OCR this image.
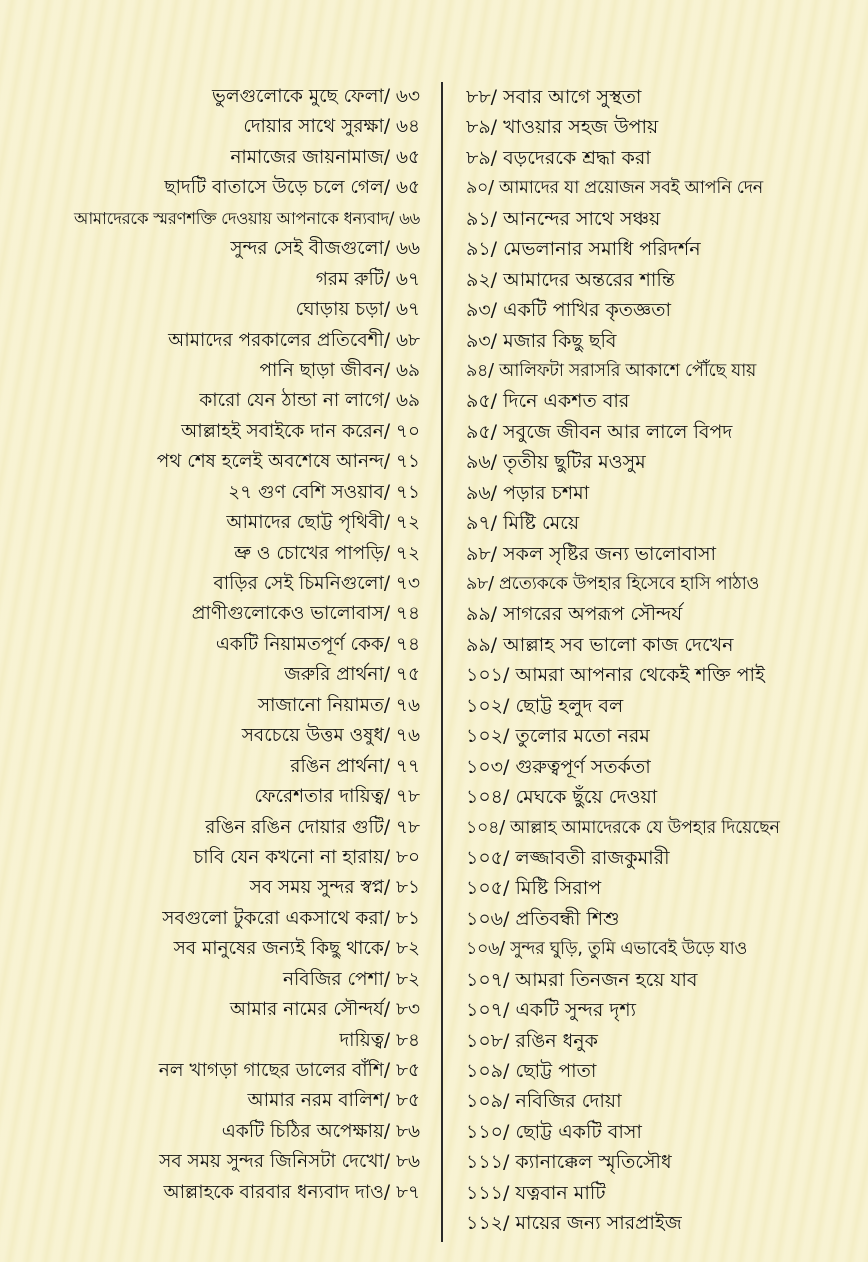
ভুলগুলোকে মুছে ফেলা/ ৬৩
দোয়ার সাথে সুরক্ষা/ ৬৪
নামাজের জায়নামাজ/ ৬৫
ছাদটি বাতাসে উড়ে চলে গেল/ ৬৫
আমাদেরকে স্মরণশক্তি দেওয়ায় আপনাকে ধন্যবাদ/ ৬৬
সুন্দর সেই বীজগুলো/ ৬৬
গরম রুটি/ ৬৭
ঘোড়ায় চড়া/ ৬৭
আমাদের পরকালের প্রতিবেশী/ ৬৮
পানি ছাড়া জীবন/ ৬৯
কারো যেন ঠান্ডা না লাগে/ ৬৯
আল্লাহই সবাইকে দান করেন/ ৭০
পথ শেষ হলেই অবশেষে আনন্দ/ ৭১
২৭ গুণ বেশি সওয়াব/ ৭১
আমাদের ছোট্ট পৃথিবী/ ৭২
ভ্রু ও চোখের পাপড়ি/ ৭২
বাড়ির সেই চিমনিগুলো/ ৭৩
প্রাণীগুলোকেও ভালোবাস/ ৭৪
একটি নিয়ামতপূর্ণ কেক/ ৭৪
জরুরি প্রার্থনা/ ৭৫
সাজানো নিয়ামত/ ৭৬
সবচেয়ে উত্তম ওষুধ/ ৭৬
রঙিন প্রার্থনা/ ৭৭
ফেরেশতার দায়িত্ব/ ৭৮
রঙিন রঙিন দোয়ার গুটি/ ৭৮
চাবি যেন কখনো না হারায়/ ৮০
সব সময় সুন্দর স্বপ্ন/ ৮১
সবগুলো টুকরো একসাথে করা/ ৮১
সব মানুষের জন্যই কিছু থাকে/ ৮২
নবিজির পেশা/ ৮২
আমার নামের সৌন্দর্য/ ৮৩
দায়িত্ব/ ৮৪
নল খাগড়া গাছের ডালের বাঁশি/ ৮৫
আমার নরম বালিশ/ ৮৫
একটি চিঠির অপেক্ষায়/ ৮৬
সব সময় সুন্দর জিনিসটা দেখো/ ৮৬
আল্লাহকে বারবার ধন্যবাদ দাও/ ৮৭
৮৮/ সবার আগে সুস্থতা
৮৯/ খাওয়ার সহজ উপায়
৮৯/ বড়দেরকে শ্রদ্ধা করা
৯০/ আমাদের যা প্রয়োজন সবই আপনি দেন
৯১/ আনন্দের সাথে সঞ্চয়
৯১/ মেভলানার সমাধি পরিদর্শন
৯২/ আমাদের অন্তরের শান্তি
৯৩/ একটি পাখির কৃতজ্ঞতা
৯৩/ মজার কিছু ছবি
৯৪/ আলিফটা সরাসরি আকাশে পৌঁছে যায়
৯৫/ দিনে একশত বার
৯৫/ সবুজে জীবন আর লালে বিপদ
৯৬/ তৃতীয় ছুটির মওসুম
৯৬/ পড়ার চশমা
৯৭/ মিষ্টি মেয়ে
৯৮/ সকল সৃষ্টির জন্য ভালোবাসা
৯৮/ প্রত্যেককে উপহার হিসেবে হাসি পাঠাও
৯৯/ সাগরের অপরূপ সৌন্দর্য
৯৯/ আল্লাহ সব ভালো কাজ দেখেন
১০১/ আমরা আপনার থেকেই শক্তি পাই
১০২/ ছোট্ট হলুদ বল
১০২/ তুলোর মতো নরম
১০৩/ গুরুত্বপূর্ণ সতর্কতা
১০৪/ মেঘকে ছুঁয়ে দেওয়া
১০৪/ আল্লাহ আমাদেরকে যে উপহার দিয়েছেন
১০৫/ লজ্জাবতী রাজকুমারী
১০৫/ মিষ্টি সিরাপ
১০৬/ প্রতিবন্ধী শিশু
১০৬/ সুন্দর ঘুড়ি, তুমি এভাবেই উড়ে যাও
১০৭/ আমরা তিনজন হয়ে যাব
১০৭/ একটি সুন্দর দৃশ্য
১০৮/ রঙিন ধনুক
১০৯/ ছোট্ট পাতা
১০৯/ নবিজির দোয়া
১১০/ ছোট্ট একটি বাসা
১১১/ ক্যানাক্কেল স্মৃতিসৌধ
১১১/ যত্নবান মাটি
১১২/ মায়ের জন্য সারপ্রাইজ
